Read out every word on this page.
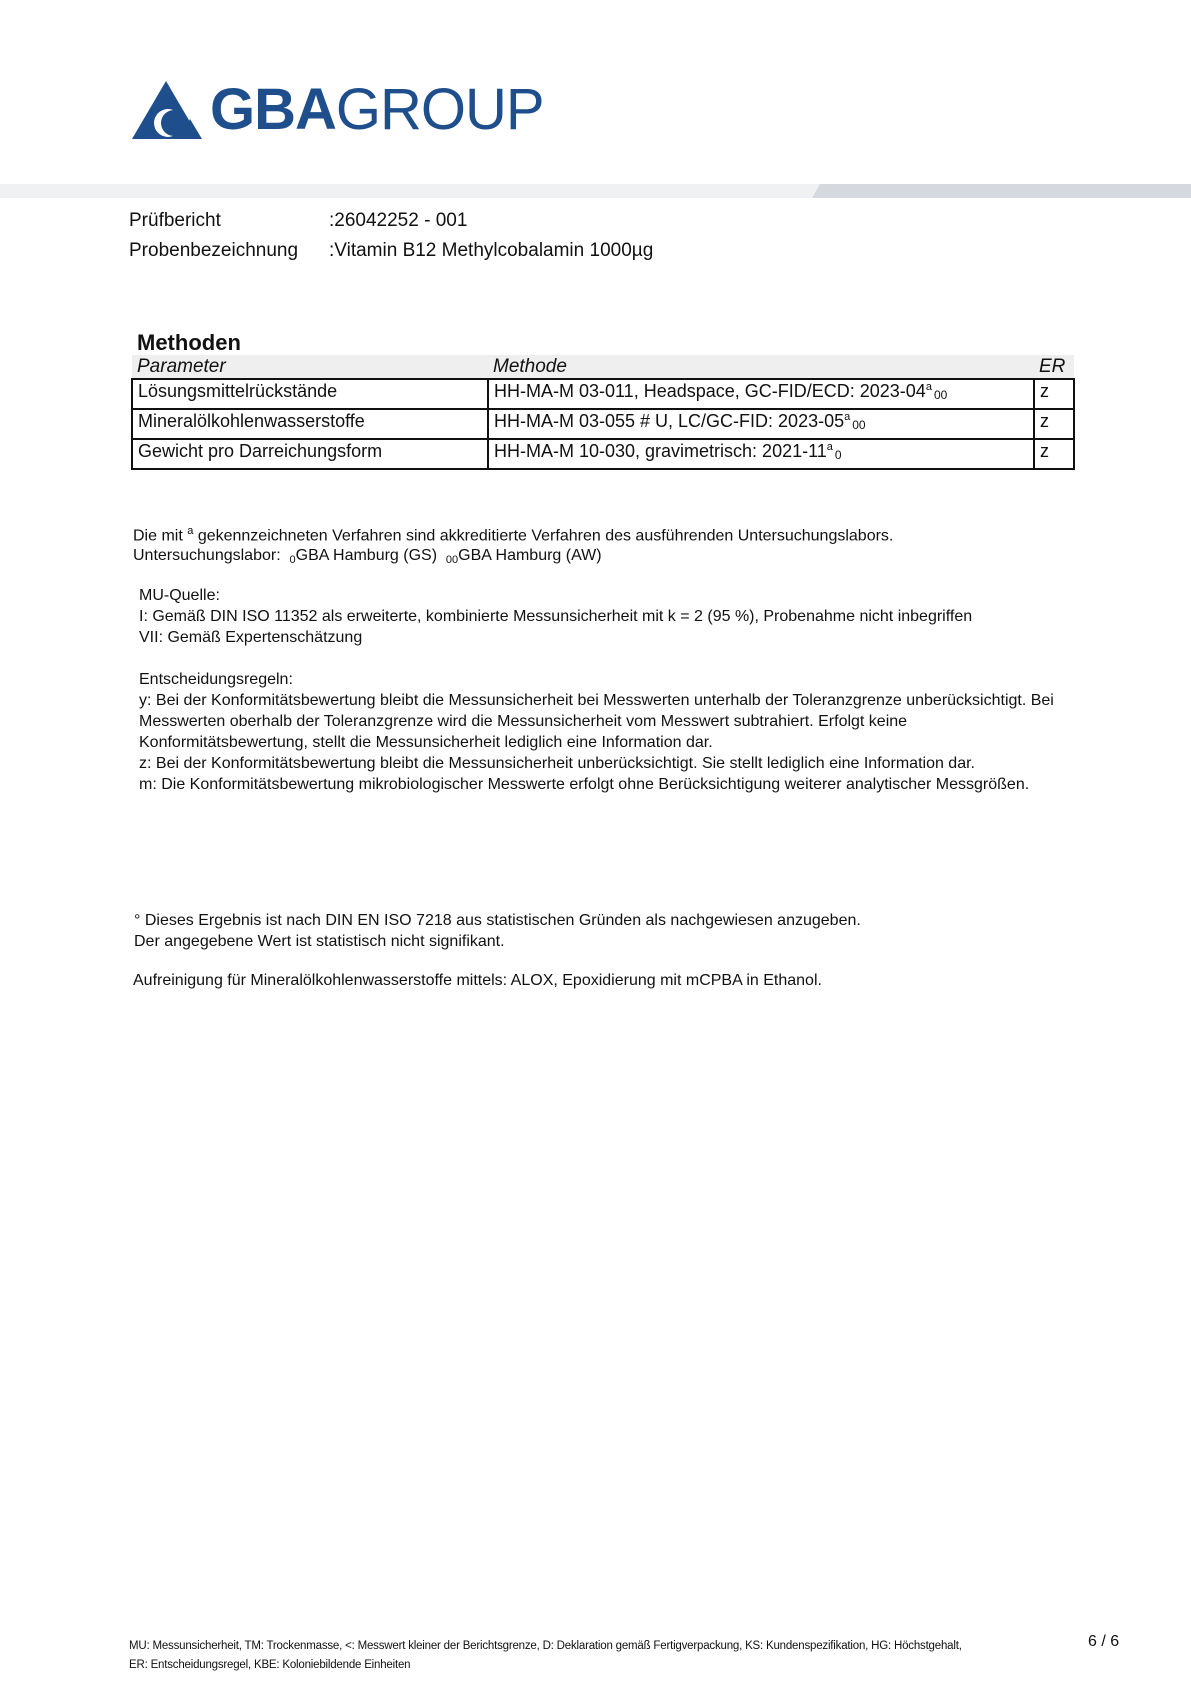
GBAGROUP
Prüfbericht	:26042252 - 001
Probenbezeichnung :Vitamin B12 Methylcobalamin 1000µg
Methoden
Parameter	Methode	ER
Lösungsmittelrückstände	HH-MA-M 03-011, Headspace, GC-FID/ECD: 2023-04$^a$00	z
Mineralölkohlenwasserstoffe	HH-MA-M 03-055 # U, LC/GC-FID: 2023-05$^a$00	z
Gewicht pro Darreichungsform	HH-MA-M 10-030, gravimetrisch: 2021-11$^a$0	z
Die mit $^a$ gekennzeichneten Verfahren sind akkreditierte Verfahren des ausführenden Untersuchungslabors.
Untersuchungslabor: 0GBA Hamburg (GS) 00GBA Hamburg (AW)
MU-Quelle:
I: Gemäß DIN ISO 11352 als erweiterte, kombinierte Messunsicherheit mit k = 2 (95 %), Probenahme nicht inbegriffen
VII: Gemäß Expertenschätzung
Entscheidungsregeln:
y: Bei der Konformitätsbewertung bleibt die Messunsicherheit bei Messwerten unterhalb der Toleranzgrenze unberücksichtigt. Bei
Messwerten oberhalb der Toleranzgrenze wird die Messunsicherheit vom Messwert subtrahiert. Erfolgt keine
Konformitätsbewertung, stellt die Messunsicherheit lediglich eine Information dar.
z: Bei der Konformitätsbewertung bleibt die Messunsicherheit unberücksichtigt. Sie stellt lediglich eine Information dar.
m: Die Konformitätsbewertung mikrobiologischer Messwerte erfolgt ohne Berücksichtigung weiterer analytischer Messgrößen.
° Dieses Ergebnis ist nach DIN EN ISO 7218 aus statistischen Gründen als nachgewiesen anzugeben.
Der angegebene Wert ist statistisch nicht signifikant.
Aufreinigung für Mineralölkohlenwasserstoffe mittels: ALOX, Epoxidierung mit mCPBA in Ethanol.
MU: Messunsicherheit, TM: Trockenmasse, <: Messwert kleiner der Berichtsgrenze, D: Deklaration gemäß Fertigverpackung, KS: Kundenspezifikation, HG: Höchstgehalt,
ER: Entscheidungsregel, KBE: Koloniebildende Einheiten
6 / 6
